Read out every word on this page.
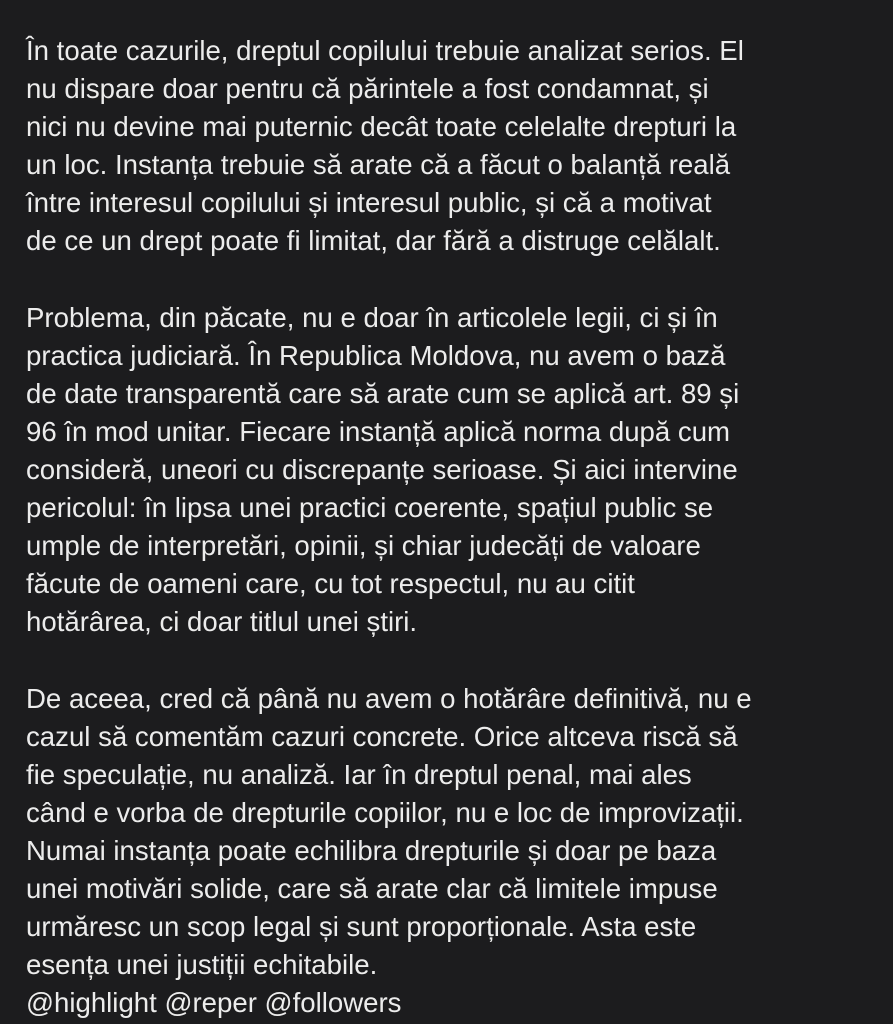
În toate cazurile, dreptul copilului trebuie analizat serios. El
nu dispare doar pentru că părintele a fost condamnat, și
nici nu devine mai puternic decât toate celelalte drepturi la
un loc. Instanța trebuie să arate că a făcut o balanță reală
între interesul copilului și interesul public, și că a motivat
de ce un drept poate fi limitat, dar fără a distruge celălalt.
Problema, din păcate, nu e doar în articolele legii, ci și în
practica judiciară. În Republica Moldova, nu avem o bază
de date transparentă care să arate cum se aplică art. 89 și
96 în mod unitar. Fiecare instanță aplică norma după cum
consideră, uneori cu discrepanțe serioase. Și aici intervine
pericolul: în lipsa unei practici coerente, spațiul public se
umple de interpretări, opinii, și chiar judecăți de valoare
făcute de oameni care, cu tot respectul, nu au citit
hotărârea, ci doar titlul unei știri.
De aceea, cred că până nu avem o hotărâre definitivă, nu e
cazul să comentăm cazuri concrete. Orice altceva riscă să
fie speculație, nu analiză. Iar în dreptul penal, mai ales
când e vorba de drepturile copiilor, nu e loc de improvizații.
Numai instanța poate echilibra drepturile și doar pe baza
unei motivări solide, care să arate clar că limitele impuse
urmăresc un scop legal și sunt proporționale. Asta este
esența unei justiții echitabile.
@highlight @reper @followers
